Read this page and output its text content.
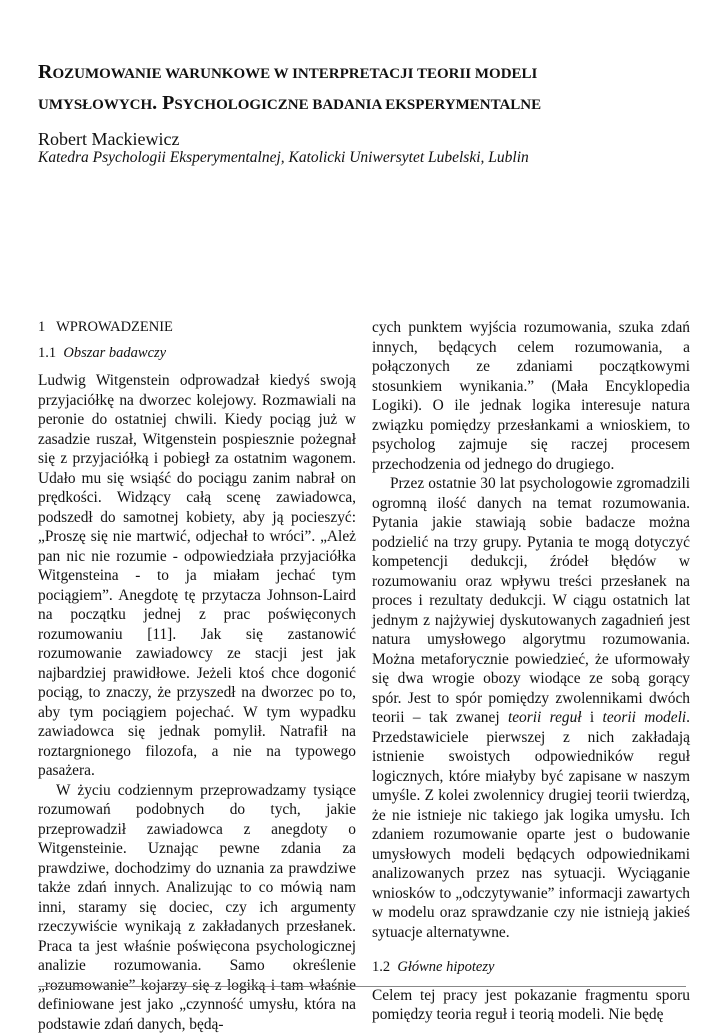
ROZUMOWANIE WARUNKOWE W INTERPRETACJI TEORII MODELI
UMYSŁOWYCH. PSYCHOLOGICZNE BADANIA EKSPERYMENTALNE
Robert Mackiewicz
Katedra Psychologii Eksperymentalnej, Katolicki Uniwersytet Lubelski, Lublin
1 WPROWADZENIE
1.1 Obszar badawczy

Ludwig Witgenstein odprowadzał kiedyś swoją przyjaciółkę na dworzec kolejowy. Rozmawiali na peronie do ostatniej chwili. Kiedy pociąg już w zasadzie ruszał, Witgenstein pospiesznie pożegnał się z przyjaciółką i pobiegł za ostatnim wagonem. Udało mu się wsiąść do pociągu zanim nabrał on prędkości. Widzący całą scenę zawiadowca, podszedł do samotnej kobiety, aby ją pocieszyć: „Proszę się nie martwić, odjechał to wróci”. „Ależ pan nic nie rozumie - odpowiedziała przyjaciółka Witgensteina - to ja miałam jechać tym pociągiem”. Anegdotę tę przytacza Johnson-Laird na początku jednej z prac poświęconych rozumowaniu [11]. Jak się zastanowić rozumowanie zawiadowcy ze stacji jest jak najbardziej prawidłowe. Jeżeli ktoś chce dogonić pociąg, to znaczy, że przyszedł na dworzec po to, aby tym pociągiem pojechać. W tym wypadku zawiadowca się jednak pomylił. Natrafił na roztargnionego filozofa, a nie na typowego pasażera.

W życiu codziennym przeprowadzamy tysiące rozumowań podobnych do tych, jakie przeprowadził zawiadowca z anegdoty o Witgensteinie. Uznając pewne zdania za prawdziwe, dochodzimy do uznania za prawdziwe także zdań innych. Analizując to co mówią nam inni, staramy się dociec, czy ich argumenty rzeczywiście wynikają z zakładanych przesłanek. Praca ta jest właśnie poświęcona psychologicznej analizie rozumowania. Samo określenie „rozumowanie” kojarzy się z logiką i tam właśnie definiowane jest jako „czynność umysłu, która na podstawie zdań danych, będą-

cych punktem wyjścia rozumowania, szuka zdań innych, będących celem rozumowania, a połączonych ze zdaniami początkowymi stosunkiem wynikania.” (Mała Encyklopedia Logiki). O ile jednak logika interesuje natura związku pomiędzy przesłankami a wnioskiem, to psycholog zajmuje się raczej procesem przechodzenia od jednego do drugiego.

Przez ostatnie 30 lat psychologowie zgromadzili ogromną ilość danych na temat rozumowania. Pytania jakie stawiają sobie badacze można podzielić na trzy grupy. Pytania te mogą dotyczyć kompetencji dedukcji, źródeł błędów w rozumowaniu oraz wpływu treści przesłanek na proces i rezultaty dedukcji. W ciągu ostatnich lat jednym z najżywiej dyskutowanych zagadnień jest natura umysłowego algorytmu rozumowania. Można metaforycznie powiedzieć, że uformowały się dwa wrogie obozy wiodące ze sobą gorący spór. Jest to spór pomiędzy zwolennikami dwóch teorii – tak zwanej teorii reguł i teorii modeli. Przedstawiciele pierwszej z nich zakładają istnienie swoistych odpowiedników reguł logicznych, które miałyby być zapisane w naszym umyśle. Z kolei zwolennicy drugiej teorii twierdzą, że nie istnieje nic takiego jak logika umysłu. Ich zdaniem rozumowanie oparte jest o budowanie umysłowych modeli będących odpowiednikami analizowanych przez nas sytuacji. Wyciąganie wniosków to „odczytywanie” informacji zawartych w modelu oraz sprawdzanie czy nie istnieją jakieś sytuacje alternatywne.

1.2 Główne hipotezy

Celem tej pracy jest pokazanie fragmentu sporu pomiędzy teoria reguł i teorią modeli. Nie będę
